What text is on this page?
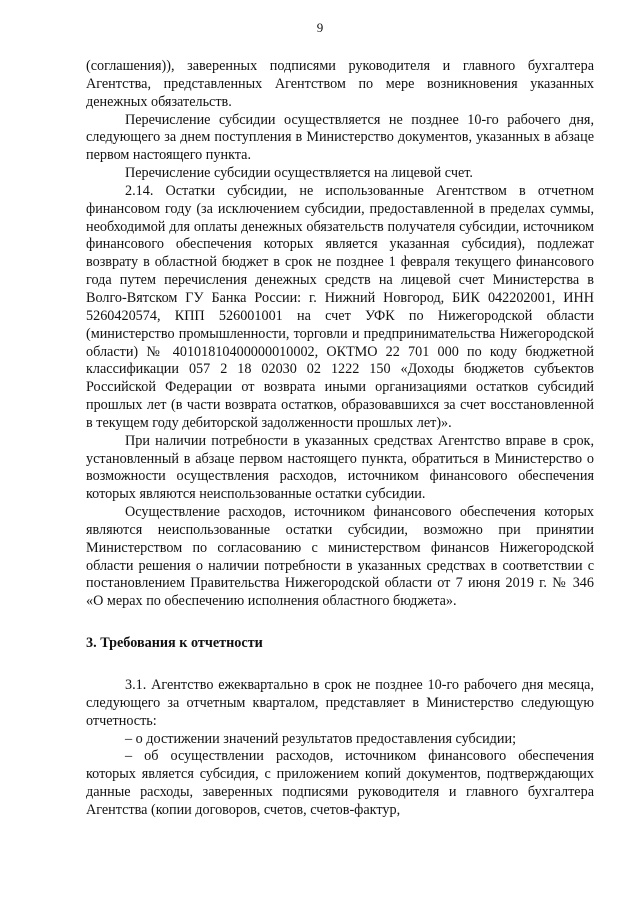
9

(соглашения)), заверенных подписями руководителя и главного бухгалтера Агентства, представленных Агентством по мере возникновения указанных денежных обязательств.

Перечисление субсидии осуществляется не позднее 10-го рабочего дня, следующего за днем поступления в Министерство документов, указанных в абзаце первом настоящего пункта.

Перечисление субсидии осуществляется на лицевой счет.

2.14. Остатки субсидии, не использованные Агентством в отчетном финансовом году (за исключением субсидии, предоставленной в пределах суммы, необходимой для оплаты денежных обязательств получателя субсидии, источником финансового обеспечения которых является указанная субсидия), подлежат возврату в областной бюджет в срок не позднее 1 февраля текущего финансового года путем перечисления денежных средств на лицевой счет Министерства в Волго-Вятском ГУ Банка России: г. Нижний Новгород, БИК 042202001, ИНН 5260420574, КПП 526001001 на счет УФК по Нижегородской области (министерство промышленности, торговли и предпринимательства Нижегородской области) № 40101810400000010002, ОКТМО 22 701 000 по коду бюджетной классификации 057 2 18 02030 02 1222 150 «Доходы бюджетов субъектов Российской Федерации от возврата иными организациями остатков субсидий прошлых лет (в части возврата остатков, образовавшихся за счет восстановленной в текущем году дебиторской задолженности прошлых лет)».

При наличии потребности в указанных средствах Агентство вправе в срок, установленный в абзаце первом настоящего пункта, обратиться в Министерство о возможности осуществления расходов, источником финансового обеспечения которых являются неиспользованные остатки субсидии.

Осуществление расходов, источником финансового обеспечения которых являются неиспользованные остатки субсидии, возможно при принятии Министерством по согласованию с министерством финансов Нижегородской области решения о наличии потребности в указанных средствах в соответствии с постановлением Правительства Нижегородской области от 7 июня 2019 г. № 346 «О мерах по обеспечению исполнения областного бюджета».

3. Требования к отчетности

3.1. Агентство ежеквартально в срок не позднее 10-го рабочего дня месяца, следующего за отчетным кварталом, представляет в Министерство следующую отчетность:

– о достижении значений результатов предоставления субсидии;

– об осуществлении расходов, источником финансового обеспечения которых является субсидия, с приложением копий документов, подтверждающих данные расходы, заверенных подписями руководителя и главного бухгалтера Агентства (копии договоров, счетов, счетов-фактур,
